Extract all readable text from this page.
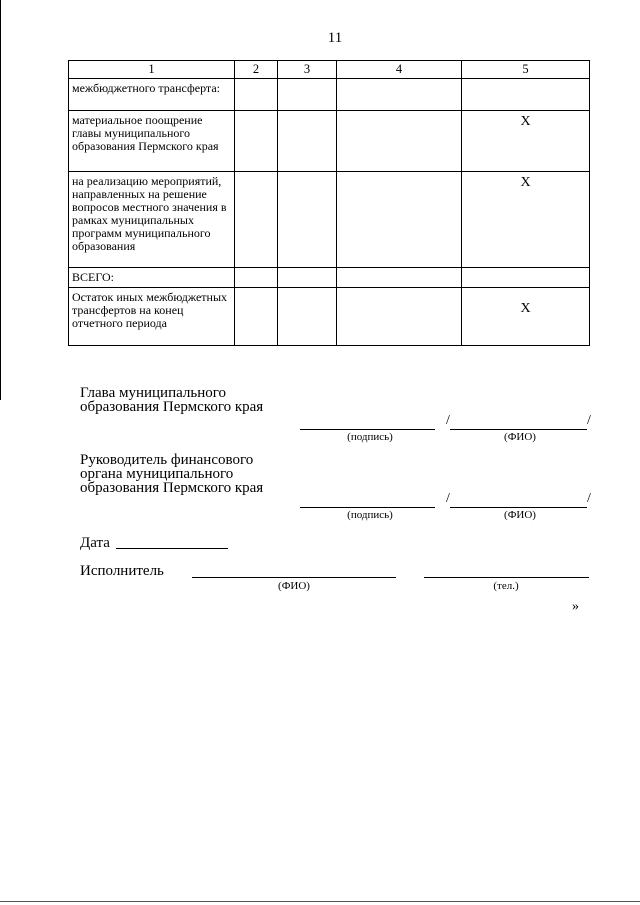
11
1	2	3	4	5

межбюджетного трансферта:				

материальное поощрение главы муниципального образования Пермского края				Х

на реализацию мероприятий, направленных на решение вопросов местного значения в рамках муниципальных программ муниципального образования				Х

ВСЕГО:				

Остаток иных межбюджетных трансфертов на конец отчетного периода				Х
Глава муниципального образования Пермского края
/	/
(подпись)	(ФИО)
Руководитель финансового органа муниципального образования Пермского края
/	/
(подпись)	(ФИО)
Дата
Исполнитель
(ФИО)	(тел.)
»
